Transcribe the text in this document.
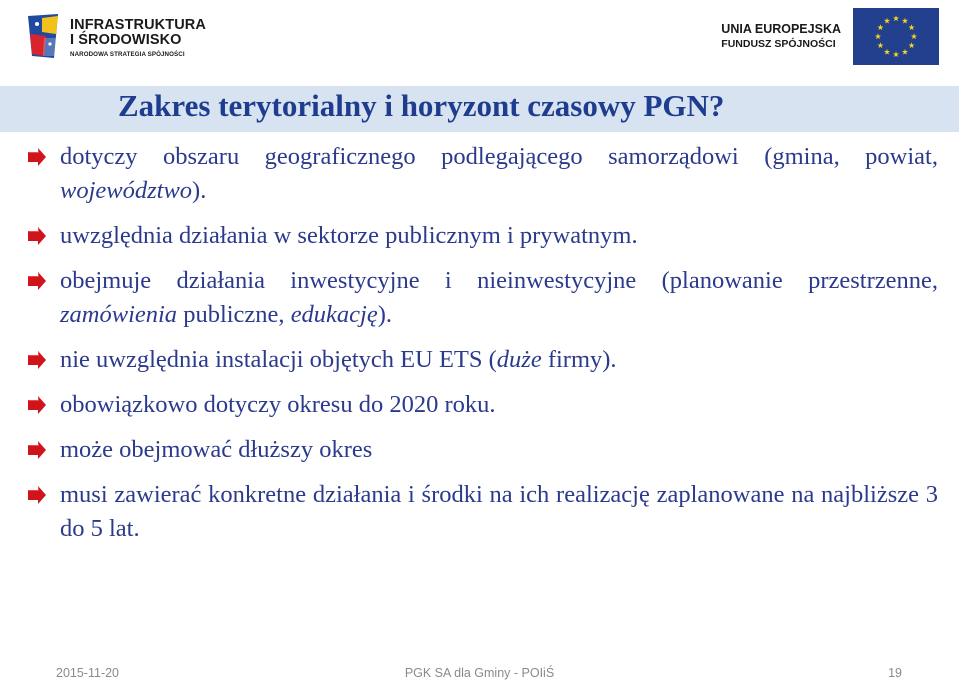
INFRASTRUKTURA
I ŚRODOWISKO
NARODOWA STRATEGIA SPÓJNOŚCI
UNIA EUROPEJSKA
FUNDUSZ SPÓJNOŚCI
Zakres terytorialny i horyzont czasowy PGN?
dotyczy obszaru geograficznego podlegającego samorządowi (gmina, powiat, województwo).
uwzględnia działania w sektorze publicznym i prywatnym.
obejmuje działania inwestycyjne i nieinwestycyjne (planowanie przestrzenne, zamówienia publiczne, edukację).
nie uwzględnia instalacji objętych EU ETS (duże firmy).
obowiązkowo dotyczy okresu do 2020 roku.
może obejmować dłuższy okres
musi zawierać konkretne działania i środki na ich realizację zaplanowane na najbliższe 3 do 5 lat.
2015-11-20	PGK SA dla Gminy - POIiŚ	19
